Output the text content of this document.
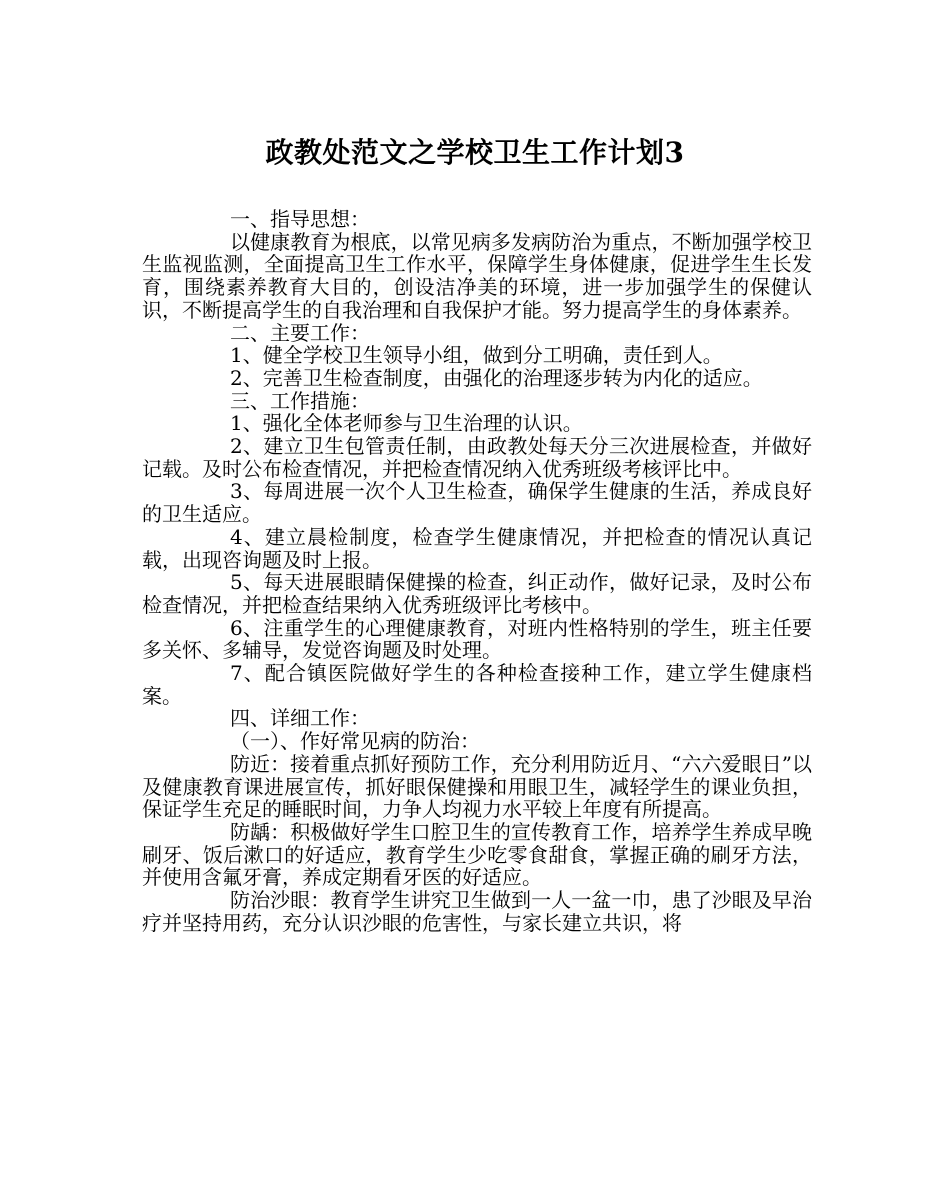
政教处范文之学校卫生工作计划3

一、指导思想：

以健康教育为根底，以常见病多发病防治为重点，不断加强学校卫生监视监测，全面提高卫生工作水平，保障学生身体健康，促进学生生长发育，围绕素养教育大目的，创设洁净美的环境，进一步加强学生的保健认识，不断提高学生的自我治理和自我保护才能。努力提高学生的身体素养。

二、主要工作：

1、健全学校卫生领导小组，做到分工明确，责任到人。

2、完善卫生检查制度，由强化的治理逐步转为内化的适应。

三、工作措施：

1、强化全体老师参与卫生治理的认识。

2、建立卫生包管责任制，由政教处每天分三次进展检查，并做好记载。及时公布检查情况，并把检查情况纳入优秀班级考核评比中。

3、每周进展一次个人卫生检查，确保学生健康的生活，养成良好的卫生适应。

4、建立晨检制度，检查学生健康情况，并把检查的情况认真记载，出现咨询题及时上报。

5、每天进展眼睛保健操的检查，纠正动作，做好记录，及时公布检查情况，并把检查结果纳入优秀班级评比考核中。

6、注重学生的心理健康教育，对班内性格特别的学生，班主任要多关怀、多辅导，发觉咨询题及时处理。

7、配合镇医院做好学生的各种检查接种工作，建立学生健康档案。

四、详细工作：

（一）、作好常见病的防治：

防近：接着重点抓好预防工作，充分利用防近月、“六六爱眼日”以及健康教育课进展宣传，抓好眼保健操和用眼卫生，减轻学生的课业负担，保证学生充足的睡眠时间，力争人均视力水平较上年度有所提高。

防龋：积极做好学生口腔卫生的宣传教育工作，培养学生养成早晚刷牙、饭后漱口的好适应，教育学生少吃零食甜食，掌握正确的刷牙方法，并使用含氟牙膏，养成定期看牙医的好适应。

防治沙眼：教育学生讲究卫生做到一人一盆一巾，患了沙眼及早治疗并坚持用药，充分认识沙眼的危害性，与家长建立共识，将
